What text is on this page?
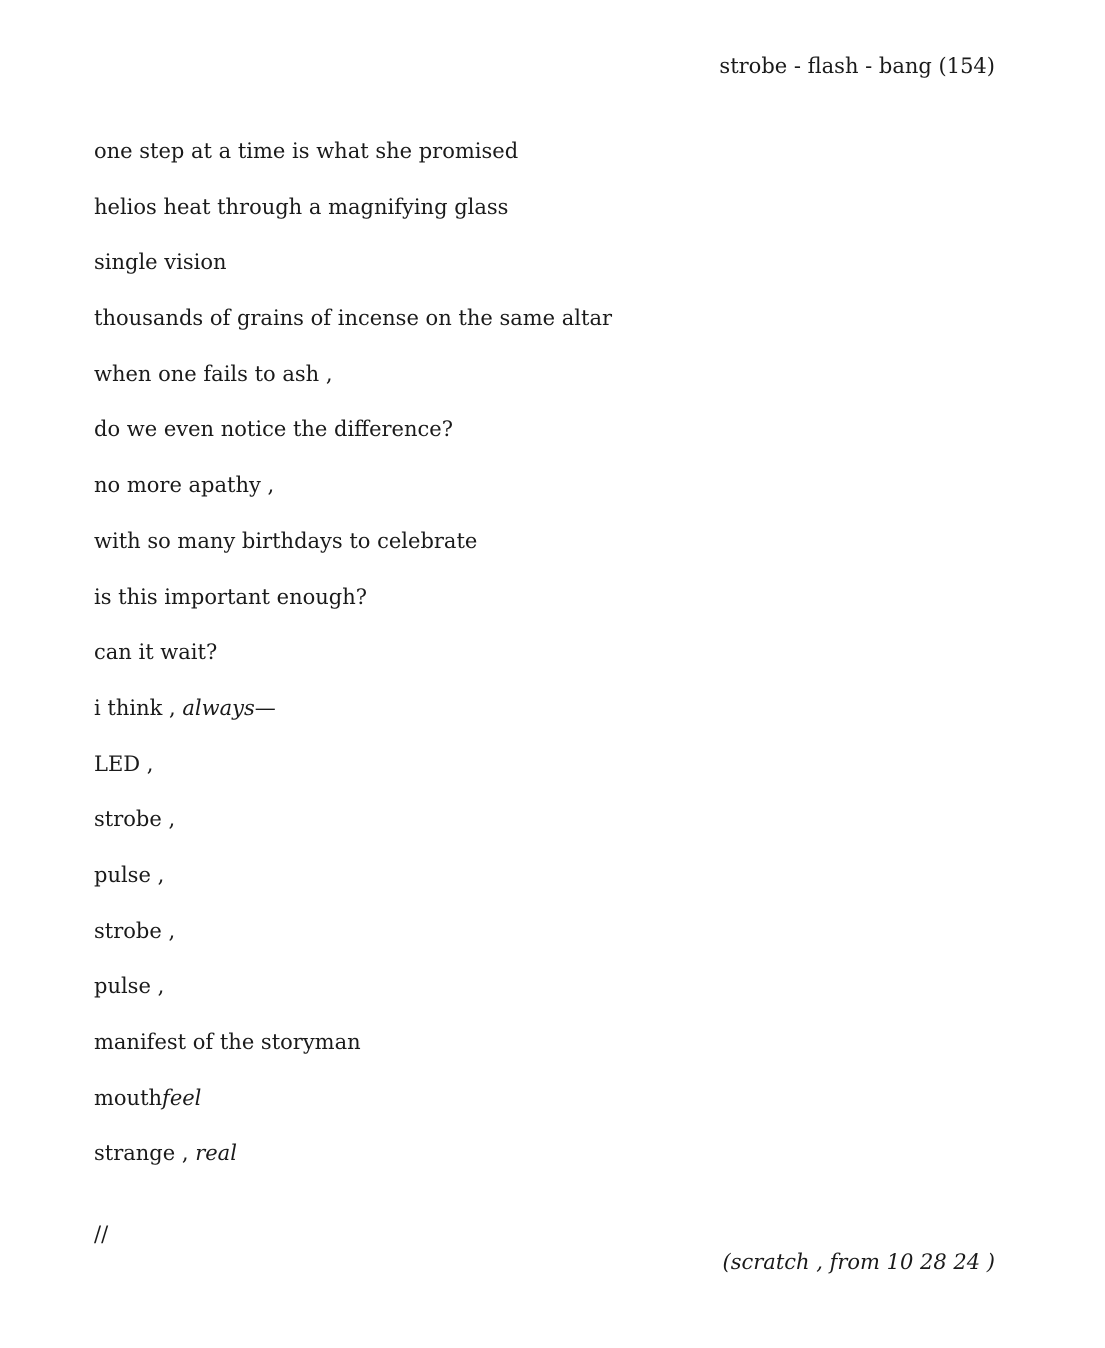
strobe - flash - bang (154)
one step at a time is what she promised
helios heat through a magnifying glass
single vision
thousands of grains of incense on the same altar
when one fails to ash ,
do we even notice the difference?
no more apathy ,
with so many birthdays to celebrate
is this important enough?
can it wait?
i think , always—
LED ,
strobe ,
pulse ,
strobe ,
pulse ,
manifest of the storyman
mouthfeel
strange , real
//
(scratch , from 10 28 24 )
